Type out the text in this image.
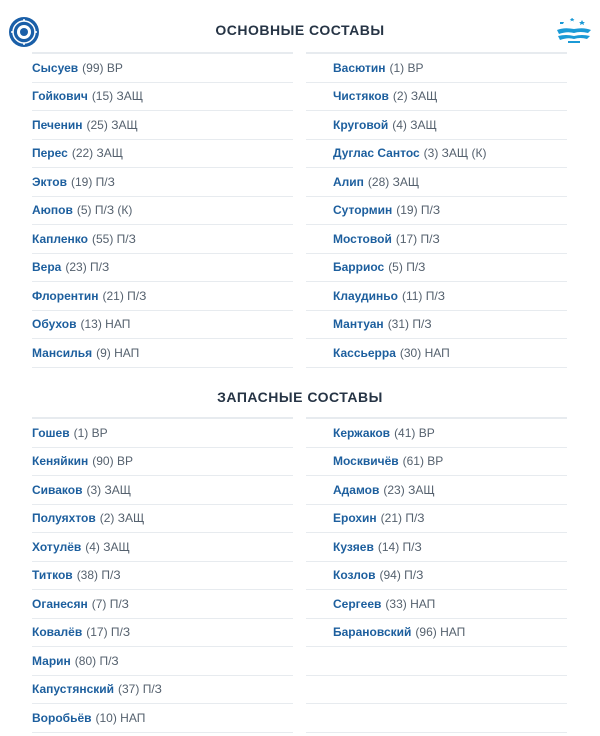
ОСНОВНЫЕ СОСТАВЫ
Сысуев (99) ВР
Гойкович (15) ЗАЩ
Печенин (25) ЗАЩ
Перес (22) ЗАЩ
Эктов (19) П/З
Аюпов (5) П/З (К)
Капленко (55) П/З
Вера (23) П/З
Флорентин (21) П/З
Обухов (13) НАП
Мансилья (9) НАП
Васютин (1) ВР
Чистяков (2) ЗАЩ
Круговой (4) ЗАЩ
Дуглас Сантос (3) ЗАЩ (К)
Алип (28) ЗАЩ
Сутормин (19) П/З
Мостовой (17) П/З
Барриос (5) П/З
Клаудиньо (11) П/З
Мантуан (31) П/З
Кассьерра (30) НАП
ЗАПАСНЫЕ СОСТАВЫ
Гошев (1) ВР
Кеняйкин (90) ВР
Сиваков (3) ЗАЩ
Полуяхтов (2) ЗАЩ
Хотулёв (4) ЗАЩ
Титков (38) П/З
Оганесян (7) П/З
Ковалёв (17) П/З
Марин (80) П/З
Капустянский (37) П/З
Воробьёв (10) НАП
Кержаков (41) ВР
Москвичёв (61) ВР
Адамов (23) ЗАЩ
Ерохин (21) П/З
Кузяев (14) П/З
Козлов (94) П/З
Сергеев (33) НАП
Барановский (96) НАП
